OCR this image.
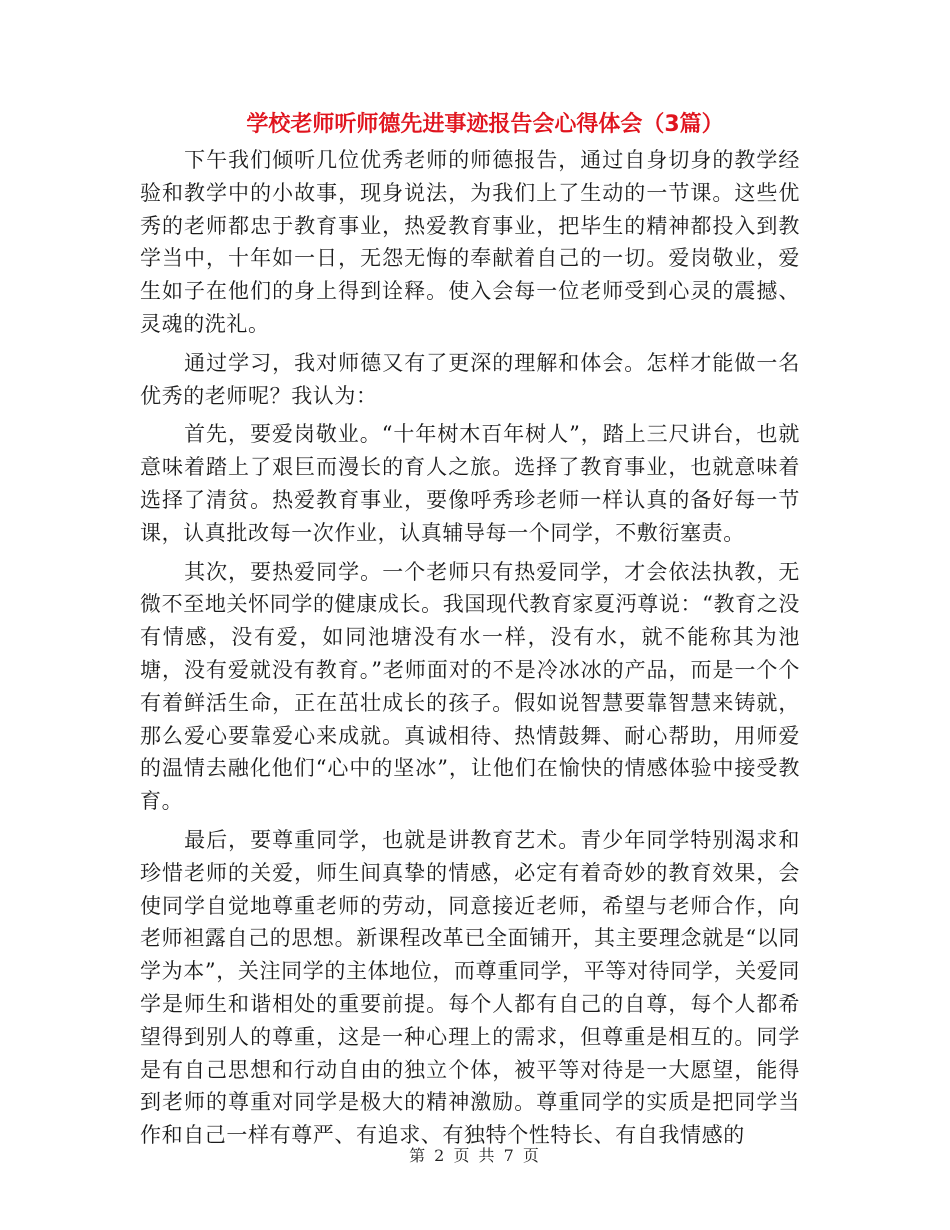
学校老师听师德先进事迹报告会心得体会（3篇）

下午我们倾听几位优秀老师的师德报告，通过自身切身的教学经验和教学中的小故事，现身说法，为我们上了生动的一节课。这些优秀的老师都忠于教育事业，热爱教育事业，把毕生的精神都投入到教学当中，十年如一日，无怨无悔的奉献着自己的一切。爱岗敬业，爱生如子在他们的身上得到诠释。使入会每一位老师受到心灵的震撼、灵魂的洗礼。

通过学习，我对师德又有了更深的理解和体会。怎样才能做一名优秀的老师呢？我认为：

首先，要爱岗敬业。“十年树木百年树人”，踏上三尺讲台，也就意味着踏上了艰巨而漫长的育人之旅。选择了教育事业，也就意味着选择了清贫。热爱教育事业，要像呼秀珍老师一样认真的备好每一节课，认真批改每一次作业，认真辅导每一个同学，不敷衍塞责。

其次，要热爱同学。一个老师只有热爱同学，才会依法执教，无微不至地关怀同学的健康成长。我国现代教育家夏沔尊说：“教育之没有情感，没有爱，如同池塘没有水一样，没有水，就不能称其为池塘，没有爱就没有教育。”老师面对的不是冷冰冰的产品，而是一个个有着鲜活生命，正在茁壮成长的孩子。假如说智慧要靠智慧来铸就，那么爱心要靠爱心来成就。真诚相待、热情鼓舞、耐心帮助，用师爱的温情去融化他们“心中的坚冰”，让他们在愉快的情感体验中接受教育。

最后，要尊重同学，也就是讲教育艺术。青少年同学特别渴求和珍惜老师的关爱，师生间真挚的情感，必定有着奇妙的教育效果，会使同学自觉地尊重老师的劳动，同意接近老师，希望与老师合作，向老师袒露自己的思想。新课程改革已全面铺开，其主要理念就是“以同学为本”，关注同学的主体地位，而尊重同学，平等对待同学，关爱同学是师生和谐相处的重要前提。每个人都有自己的自尊，每个人都希望得到别人的尊重，这是一种心理上的需求，但尊重是相互的。同学是有自己思想和行动自由的独立个体，被平等对待是一大愿望，能得到老师的尊重对同学是极大的精神激励。尊重同学的实质是把同学当作和自己一样有尊严、有追求、有独特个性特长、有自我情感的

第 2 页 共 7 页
